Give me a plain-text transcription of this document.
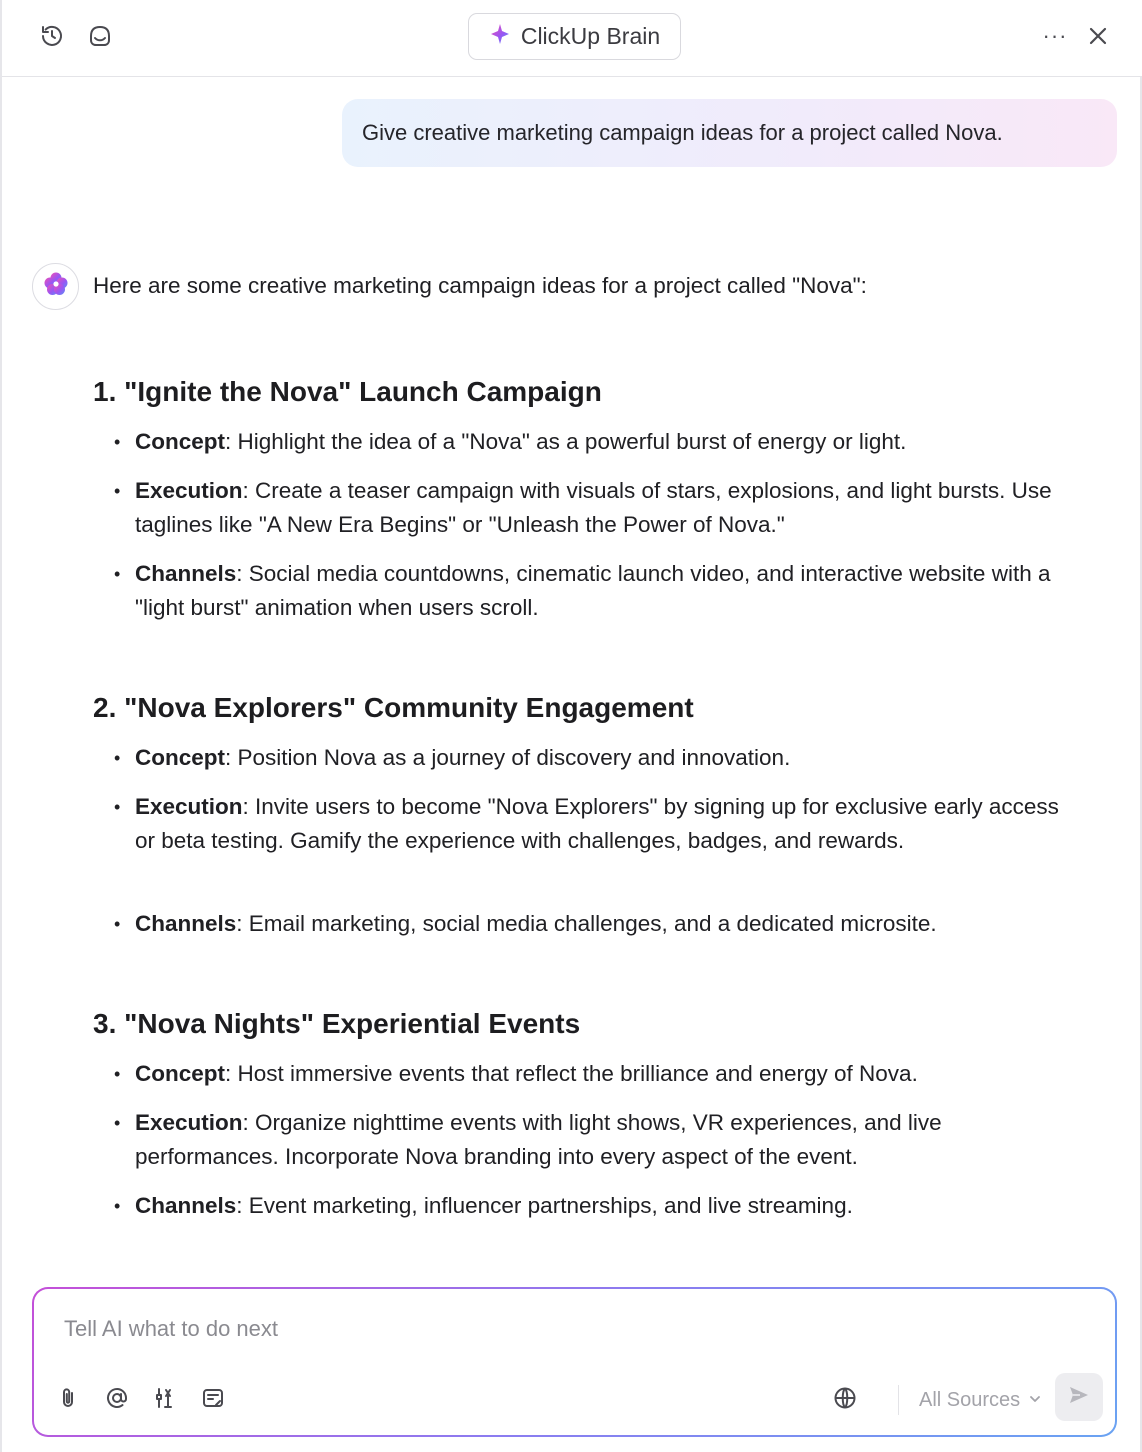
ClickUp Brain	···
Give creative marketing campaign ideas for a project called Nova.
Here are some creative marketing campaign ideas for a project called "Nova":
1. "Ignite the Nova" Launch Campaign
• Concept: Highlight the idea of a "Nova" as a powerful burst of energy or light.
• Execution: Create a teaser campaign with visuals of stars, explosions, and light bursts. Use taglines like "A New Era Begins" or "Unleash the Power of Nova."
• Channels: Social media countdowns, cinematic launch video, and interactive website with a "light burst" animation when users scroll.
2. "Nova Explorers" Community Engagement
• Concept: Position Nova as a journey of discovery and innovation.
• Execution: Invite users to become "Nova Explorers" by signing up for exclusive early access or beta testing. Gamify the experience with challenges, badges, and rewards.
• Channels: Email marketing, social media challenges, and a dedicated microsite.
3. "Nova Nights" Experiential Events
• Concept: Host immersive events that reflect the brilliance and energy of Nova.
• Execution: Organize nighttime events with light shows, VR experiences, and live performances. Incorporate Nova branding into every aspect of the event.
• Channels: Event marketing, influencer partnerships, and live streaming.
Tell AI what to do next
All Sources
